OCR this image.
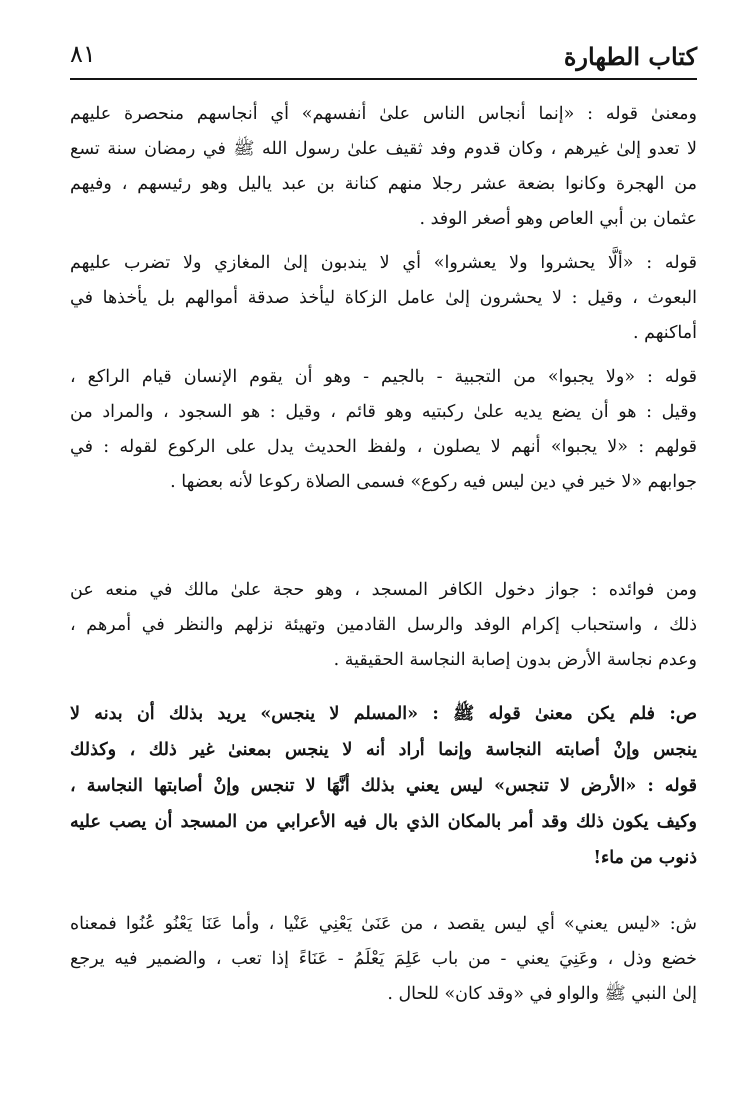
كتاب الطهارة
٨١
ومعنىٰ قوله : «إنما أنجاس الناس علىٰ أنفسهم» أي أنجاسهم منحصرة عليهم
لا تعدو إلىٰ غيرهم ، وكان قدوم وفد ثقيف علىٰ رسول الله ﷺ في رمضان سنة تسع
من الهجرة وكانوا بضعة عشر رجلا منهم كنانة بن عبد ياليل وهو رئيسهم ، وفيهم
عثمان بن أبي العاص وهو أصغر الوفد .
قوله : «ألَّا يحشروا ولا يعشروا» أي لا يندبون إلىٰ المغازي ولا تضرب عليهم
البعوث ، وقيل : لا يحشرون إلىٰ عامل الزكاة ليأخذ صدقة أموالهم بل يأخذها في
أماكنهم .
قوله : «ولا يجبوا» من التجبية - بالجيم - وهو أن يقوم الإنسان قيام الراكع ،
وقيل : هو أن يضع يديه علىٰ ركبتيه وهو قائم ، وقيل : هو السجود ، والمراد من
قولهم : «لا يجبوا» أنهم لا يصلون ، ولفظ الحديث يدل على الركوع لقوله : في
جوابهم «لا خير في دين ليس فيه ركوع» فسمى الصلاة ركوعا لأنه بعضها .
ومن فوائده : جواز دخول الكافر المسجد ، وهو حجة علىٰ مالك في منعه عن
ذلك ، واستحباب إكرام الوفد والرسل القادمين وتهيئة نزلهم والنظر في أمرهم ،
وعدم نجاسة الأرض بدون إصابة النجاسة الحقيقية .
ص: فلم يكن معنىٰ قوله ﷺ : «المسلم لا ينجس» يريد بذلك أن بدنه لا
ينجس وإنْ أصابته النجاسة وإنما أراد أنه لا ينجس بمعنىٰ غير ذلك ، وكذلك
قوله : «الأرض لا تنجس» ليس يعني بذلك أنَّهَا لا تنجس وإنْ أصابتها النجاسة ،
وكيف يكون ذلك وقد أمر بالمكان الذي بال فيه الأعرابي من المسجد أن يصب عليه
ذنوب من ماء!
ش: «ليس يعني» أي ليس يقصد ، من عَنَىٰ يَعْنِي عَنْيا ، وأما عَنَا يَعْنُو عُنُوا فمعناه
خضع وذل ، وعَنِيَ يعني - من باب عَلِمَ يَعْلَمُ - عَنَاءً إذا تعب ، والضمير فيه يرجع
إلىٰ النبي ﷺ والواو في «وقد كان» للحال .
